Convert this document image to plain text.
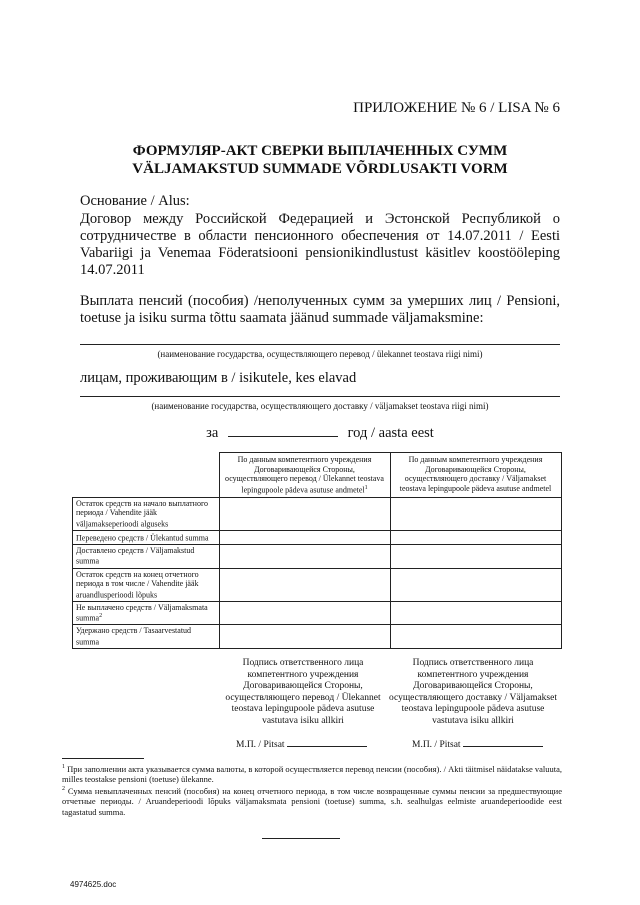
ПРИЛОЖЕНИЕ № 6 / LISA № 6
ФОРМУЛЯР-АКТ СВЕРКИ ВЫПЛАЧЕННЫХ СУММ
VÄLJAMAKSTUD SUMMADE VÕRDLUSAKTI VORM
Основание / Alus:
Договор между Российской Федерацией и Эстонской Республикой о сотрудничестве в области пенсионного обеспечения от 14.07.2011 / Eesti Vabariigi ja Venemaa Föderatsiooni pensionikindlustust käsitlev koostööleping 14.07.2011
Выплата пенсий (пособия) /неполученных сумм за умерших лиц / Pensioni, toetuse ja isiku surma tõttu saamata jäänud summade väljamaksmine:
(наименование государства, осуществляющего перевод / ülekannet teostava riigi nimi)
лицам, проживающим в / isikutele, kes elavad
(наименование государства, осуществляющего доставку / väljamakset teostava riigi nimi)
за	год / aasta eest
	По данным компетентного учреждения Договаривающейся Стороны, осуществляющего перевод / Ülekannet teostava lepingupoole pädeva asutuse andmetel$^1$	По данным компетентного учреждения Договаривающейся Стороны, осуществляющего доставку / Väljamakset teostava lepingupoole pädeva asutuse andmetel
Остаток средств на начало выплатного периода / Vahendite jääk väljamakseperioodi alguseks		
Переведено средств / Ülekantud summa		
Доставлено средств / Väljamakstud summa		
Остаток средств на конец отчетного периода в том числе / Vahendite jääk aruandlusperioodi lõpuks		
Не выплачено средств / Väljamaksmata summa$^2$		
Удержано средств / Tasaarvestatud summa		
Подпись ответственного лица компетентного учреждения Договаривающейся Стороны, осуществляющего перевод / Ülekannet teostava lepingupoole pädeva asutuse vastutava isiku allkiri
Подпись ответственного лица компетентного учреждения Договаривающейся Стороны, осуществляющего доставку / Väljamakset teostava lepingupoole pädeva asutuse vastutava isiku allkiri
М.П. / Pitsat	М.П. / Pitsat
$^1$ При заполнении акта указывается сумма валюты, в которой осуществляется перевод пенсии (пособия). / Akti täitmisel näidatakse valuuta, milles teostakse pensioni (toetuse) ülekanne.
$^2$ Сумма невыплаченных пенсий (пособия) на конец отчетного периода, в том числе возвращенные суммы пенсии за предшествующие отчетные периоды. / Aruandeperioodi lõpuks väljamaksmata pensioni (toetuse) summa, s.h. sealhulgas eelmiste aruandeperioodide eest tagastatud summa.
4974625.doc
